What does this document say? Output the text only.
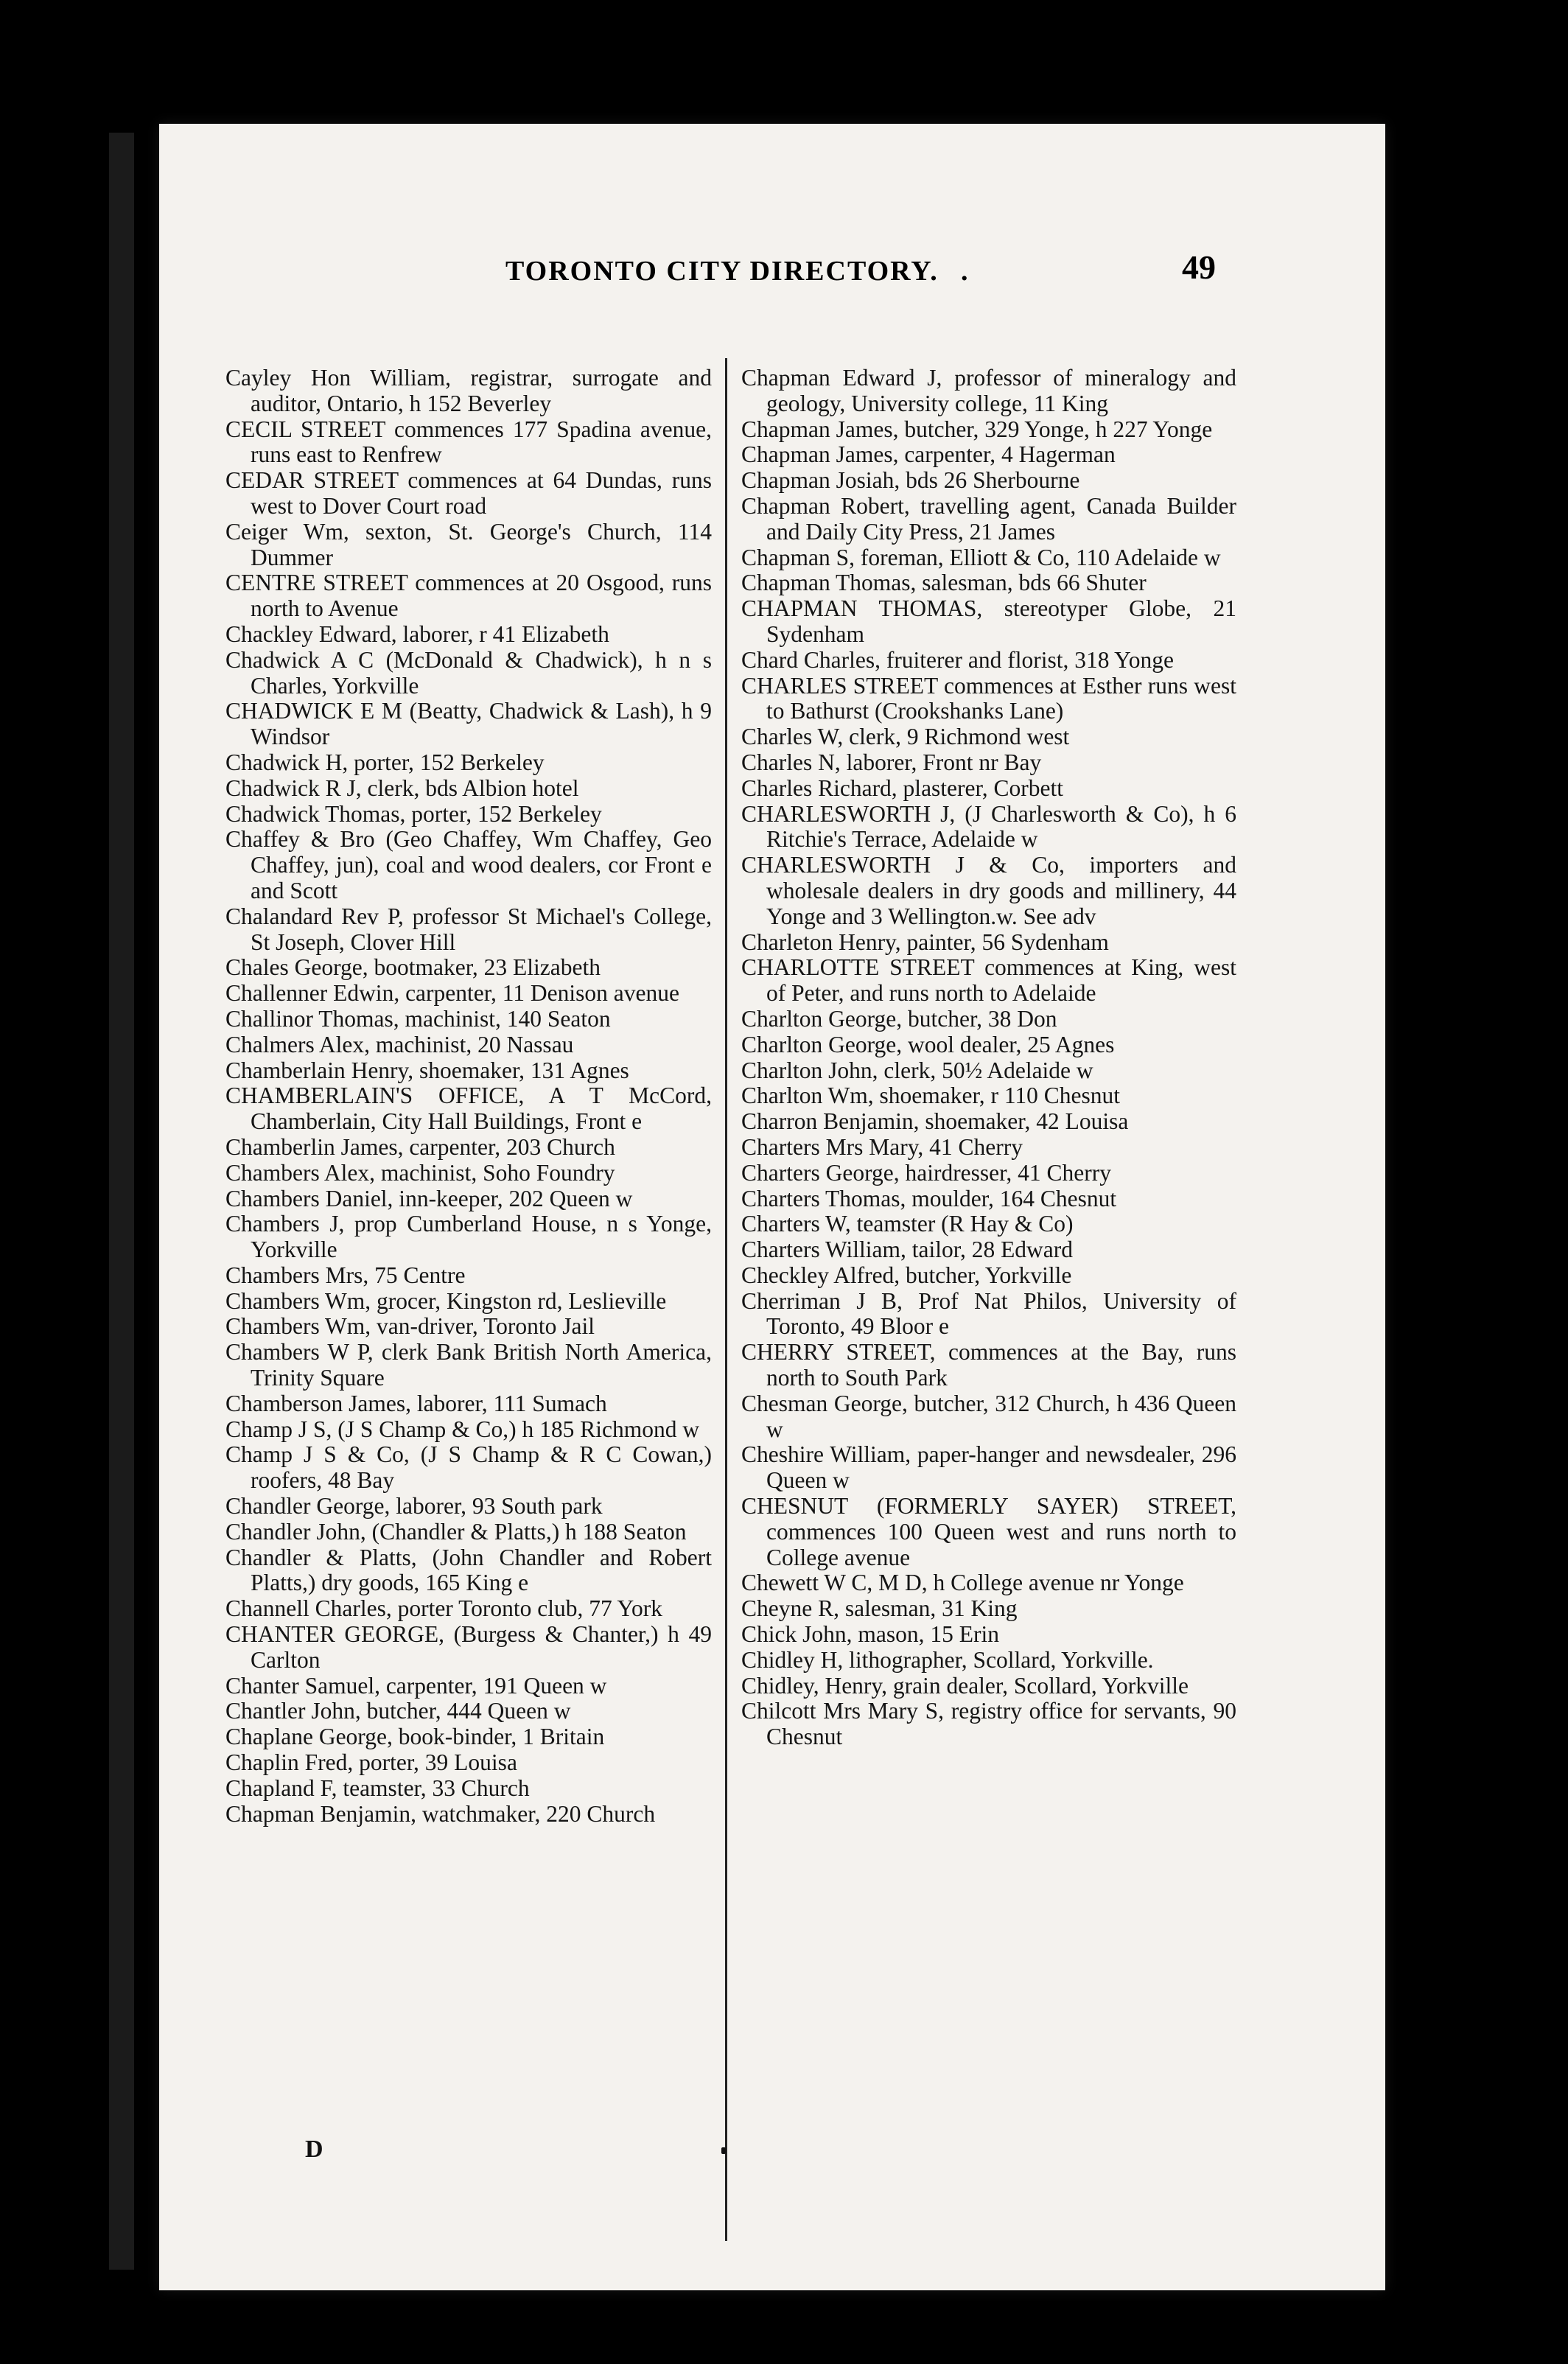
TORONTO CITY DIRECTORY. .	49

Cayley Hon William, registrar, surrogate and auditor, Ontario, h 152 Beverley

CECIL STREET commences 177 Spadina avenue, runs east to Renfrew

CEDAR STREET commences at 64 Dundas, runs west to Dover Court road

Ceiger Wm, sexton, St. George's Church, 114 Dummer

CENTRE STREET commences at 20 Osgood, runs north to Avenue

Chackley Edward, laborer, r 41 Elizabeth

Chadwick A C (McDonald & Chadwick), h n s Charles, Yorkville

CHADWICK E M (Beatty, Chadwick & Lash), h 9 Windsor

Chadwick H, porter, 152 Berkeley

Chadwick R J, clerk, bds Albion hotel

Chadwick Thomas, porter, 152 Berkeley

Chaffey & Bro (Geo Chaffey, Wm Chaffey, Geo Chaffey, jun), coal and wood dealers, cor Front e and Scott

Chalandard Rev P, professor St Michael's College, St Joseph, Clover Hill

Chales George, bootmaker, 23 Elizabeth

Challenner Edwin, carpenter, 11 Denison avenue

Challinor Thomas, machinist, 140 Seaton

Chalmers Alex, machinist, 20 Nassau

Chamberlain Henry, shoemaker, 131 Agnes

CHAMBERLAIN'S OFFICE, A T McCord, Chamberlain, City Hall Buildings, Front e

Chamberlin James, carpenter, 203 Church

Chambers Alex, machinist, Soho Foundry

Chambers Daniel, inn-keeper, 202 Queen w

Chambers J, prop Cumberland House, n s Yonge, Yorkville

Chambers Mrs, 75 Centre

Chambers Wm, grocer, Kingston rd, Leslieville

Chambers Wm, van-driver, Toronto Jail

Chambers W P, clerk Bank British North America, Trinity Square

Chamberson James, laborer, 111 Sumach

Champ J S, (J S Champ & Co,) h 185 Richmond w

Champ J S & Co, (J S Champ & R C Cowan,) roofers, 48 Bay

Chandler George, laborer, 93 South park

Chandler John, (Chandler & Platts,) h 188 Seaton

Chandler & Platts, (John Chandler and Robert Platts,) dry goods, 165 King e

Channell Charles, porter Toronto club, 77 York

CHANTER GEORGE, (Burgess & Chanter,) h 49 Carlton

Chanter Samuel, carpenter, 191 Queen w

Chantler John, butcher, 444 Queen w

Chaplane George, book-binder, 1 Britain

Chaplin Fred, porter, 39 Louisa

Chapland F, teamster, 33 Church

Chapman Benjamin, watchmaker, 220 Church

Chapman Edward J, professor of mineralogy and geology, University college, 11 King

Chapman James, butcher, 329 Yonge, h 227 Yonge

Chapman James, carpenter, 4 Hagerman

Chapman Josiah, bds 26 Sherbourne

Chapman Robert, travelling agent, Canada Builder and Daily City Press, 21 James

Chapman S, foreman, Elliott & Co, 110 Adelaide w

Chapman Thomas, salesman, bds 66 Shuter

CHAPMAN THOMAS, stereotyper Globe, 21 Sydenham

Chard Charles, fruiterer and florist, 318 Yonge

CHARLES STREET commences at Esther runs west to Bathurst (Crookshanks Lane)

Charles W, clerk, 9 Richmond west

Charles N, laborer, Front nr Bay

Charles Richard, plasterer, Corbett

CHARLESWORTH J, (J Charlesworth & Co), h 6 Ritchie's Terrace, Adelaide w

CHARLESWORTH J & Co, importers and wholesale dealers in dry goods and millinery, 44 Yonge and 3 Wellington.w. See adv

Charleton Henry, painter, 56 Sydenham

CHARLOTTE STREET commences at King, west of Peter, and runs north to Adelaide

Charlton George, butcher, 38 Don

Charlton George, wool dealer, 25 Agnes

Charlton John, clerk, 50½ Adelaide w

Charlton Wm, shoemaker, r 110 Chesnut

Charron Benjamin, shoemaker, 42 Louisa

Charters Mrs Mary, 41 Cherry

Charters George, hairdresser, 41 Cherry

Charters Thomas, moulder, 164 Chesnut

Charters W, teamster (R Hay & Co)

Charters William, tailor, 28 Edward

Checkley Alfred, butcher, Yorkville

Cherriman J B, Prof Nat Philos, University of Toronto, 49 Bloor e

CHERRY STREET, commences at the Bay, runs north to South Park

Chesman George, butcher, 312 Church, h 436 Queen w

Cheshire William, paper-hanger and newsdealer, 296 Queen w

CHESNUT (FORMERLY SAYER) STREET, commences 100 Queen west and runs north to College avenue

Chewett W C, M D, h College avenue nr Yonge

Cheyne R, salesman, 31 King

Chick John, mason, 15 Erin

Chidley H, lithographer, Scollard, Yorkville.

Chidley, Henry, grain dealer, Scollard, Yorkville

Chilcott Mrs Mary S, registry office for servants, 90 Chesnut

D
